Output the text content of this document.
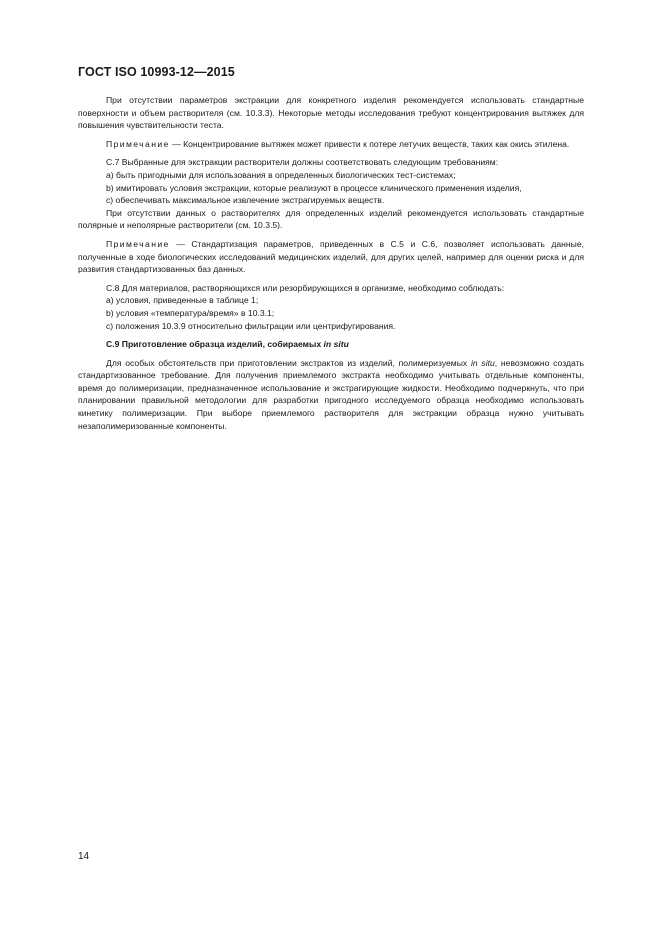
ГОСТ ISO 10993-12—2015

При отсутствии параметров экстракции для конкретного изделия рекомендуется использовать стандартные поверхности и объем растворителя (см. 10.3.3). Некоторые методы исследования требуют концентрирования вытяжек для повышения чувствительности теста.

Примечание — Концентрирование вытяжек может привести к потере летучих веществ, таких как окись этилена.

С.7 Выбранные для экстракции растворители должны соответствовать следующим требованиям:

a) быть пригодными для использования в определенных биологических тест-системах;

b) имитировать условия экстракции, которые реализуют в процессе клинического применения изделия,

c) обеспечивать максимальное извлечение экстрагируемых веществ.

При отсутствии данных о растворителях для определенных изделий рекомендуется использовать стандартные полярные и неполярные растворители (см. 10.3.5).

Примечание — Стандартизация параметров, приведенных в С.5 и С.6, позволяет использовать данные, полученные в ходе биологических исследований медицинских изделий, для других целей, например для оценки риска и для развития стандартизованных баз данных.

С.8 Для материалов, растворяющихся или резорбирующихся в организме, необходимо соблюдать:

a) условия, приведенные в таблице 1;

b) условия «температура/время» в 10.3.1;

c) положения 10.3.9 относительно фильтрации или центрифугирования.

С.9 Приготовление образца изделий, собираемых in situ

Для особых обстоятельств при приготовлении экстрактов из изделий, полимеризуемых in situ, невозможно создать стандартизованное требование. Для получения приемлемого экстракта необходимо учитывать отдельные компоненты, время до полимеризации, предназначенное использование и экстрагирующие жидкости. Необходимо подчеркнуть, что при планировании правильной методологии для разработки пригодного исследуемого образца необходимо использовать кинетику полимеризации. При выборе приемлемого растворителя для экстракции образца нужно учитывать незаполимеризованные компоненты.

14
